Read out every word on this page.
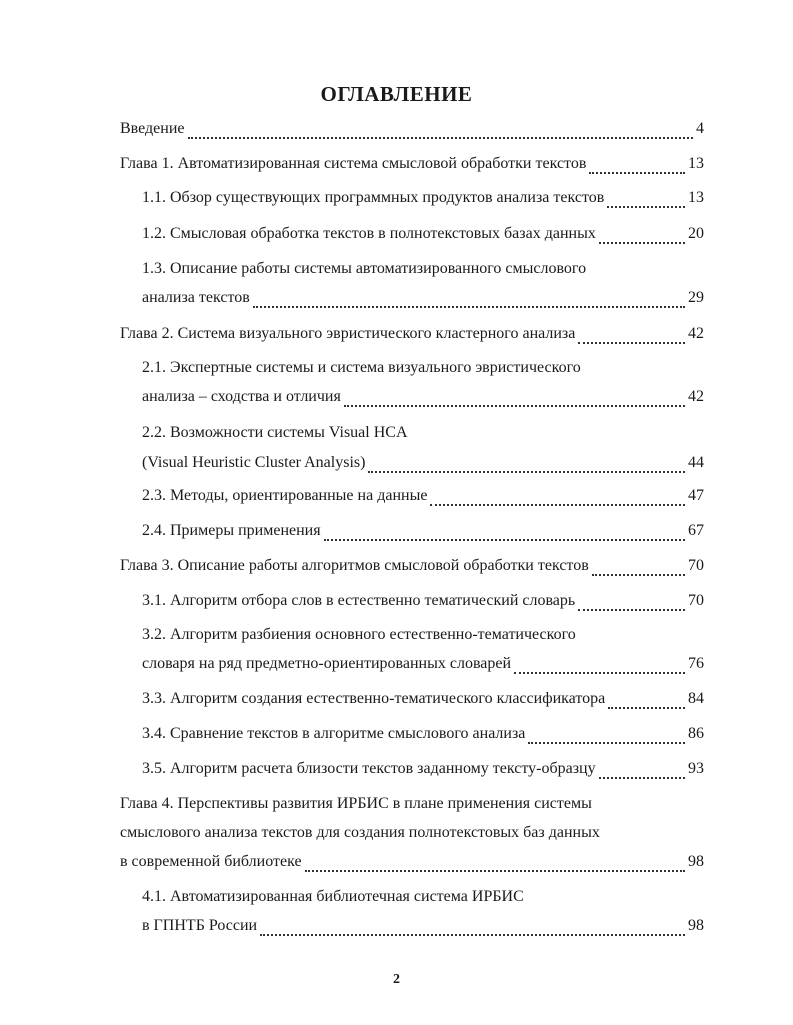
ОГЛАВЛЕНИЕ
Введение	4
Глава 1. Автоматизированная система смысловой обработки текстов	13
1.1. Обзор существующих программных продуктов анализа текстов	13
1.2. Смысловая обработка текстов в полнотекстовых базах данных	20
1.3. Описание работы системы автоматизированного смыслового
анализа текстов	29
Глава 2. Система визуального эвристического кластерного анализа	42
2.1. Экспертные системы и система визуального эвристического
анализа – сходства и отличия	42
2.2. Возможности системы Visual HCA
(Visual Heuristic Cluster Analysis)	44
2.3. Методы, ориентированные на данные	47
2.4. Примеры применения	67
Глава 3. Описание работы алгоритмов смысловой обработки текстов	70
3.1. Алгоритм отбора слов в естественно тематический словарь	70
3.2. Алгоритм разбиения основного естественно-тематического
словаря на ряд предметно-ориентированных словарей	76
3.3. Алгоритм создания естественно-тематического классификатора	84
3.4. Сравнение текстов в алгоритме смыслового анализа	86
3.5. Алгоритм расчета близости текстов заданному тексту-образцу	93
Глава 4. Перспективы развития ИРБИС в плане применения системы
смыслового анализа текстов для создания полнотекстовых баз данных
в современной библиотеке	98
4.1. Автоматизированная библиотечная система ИРБИС
в ГПНТБ России	98
2
